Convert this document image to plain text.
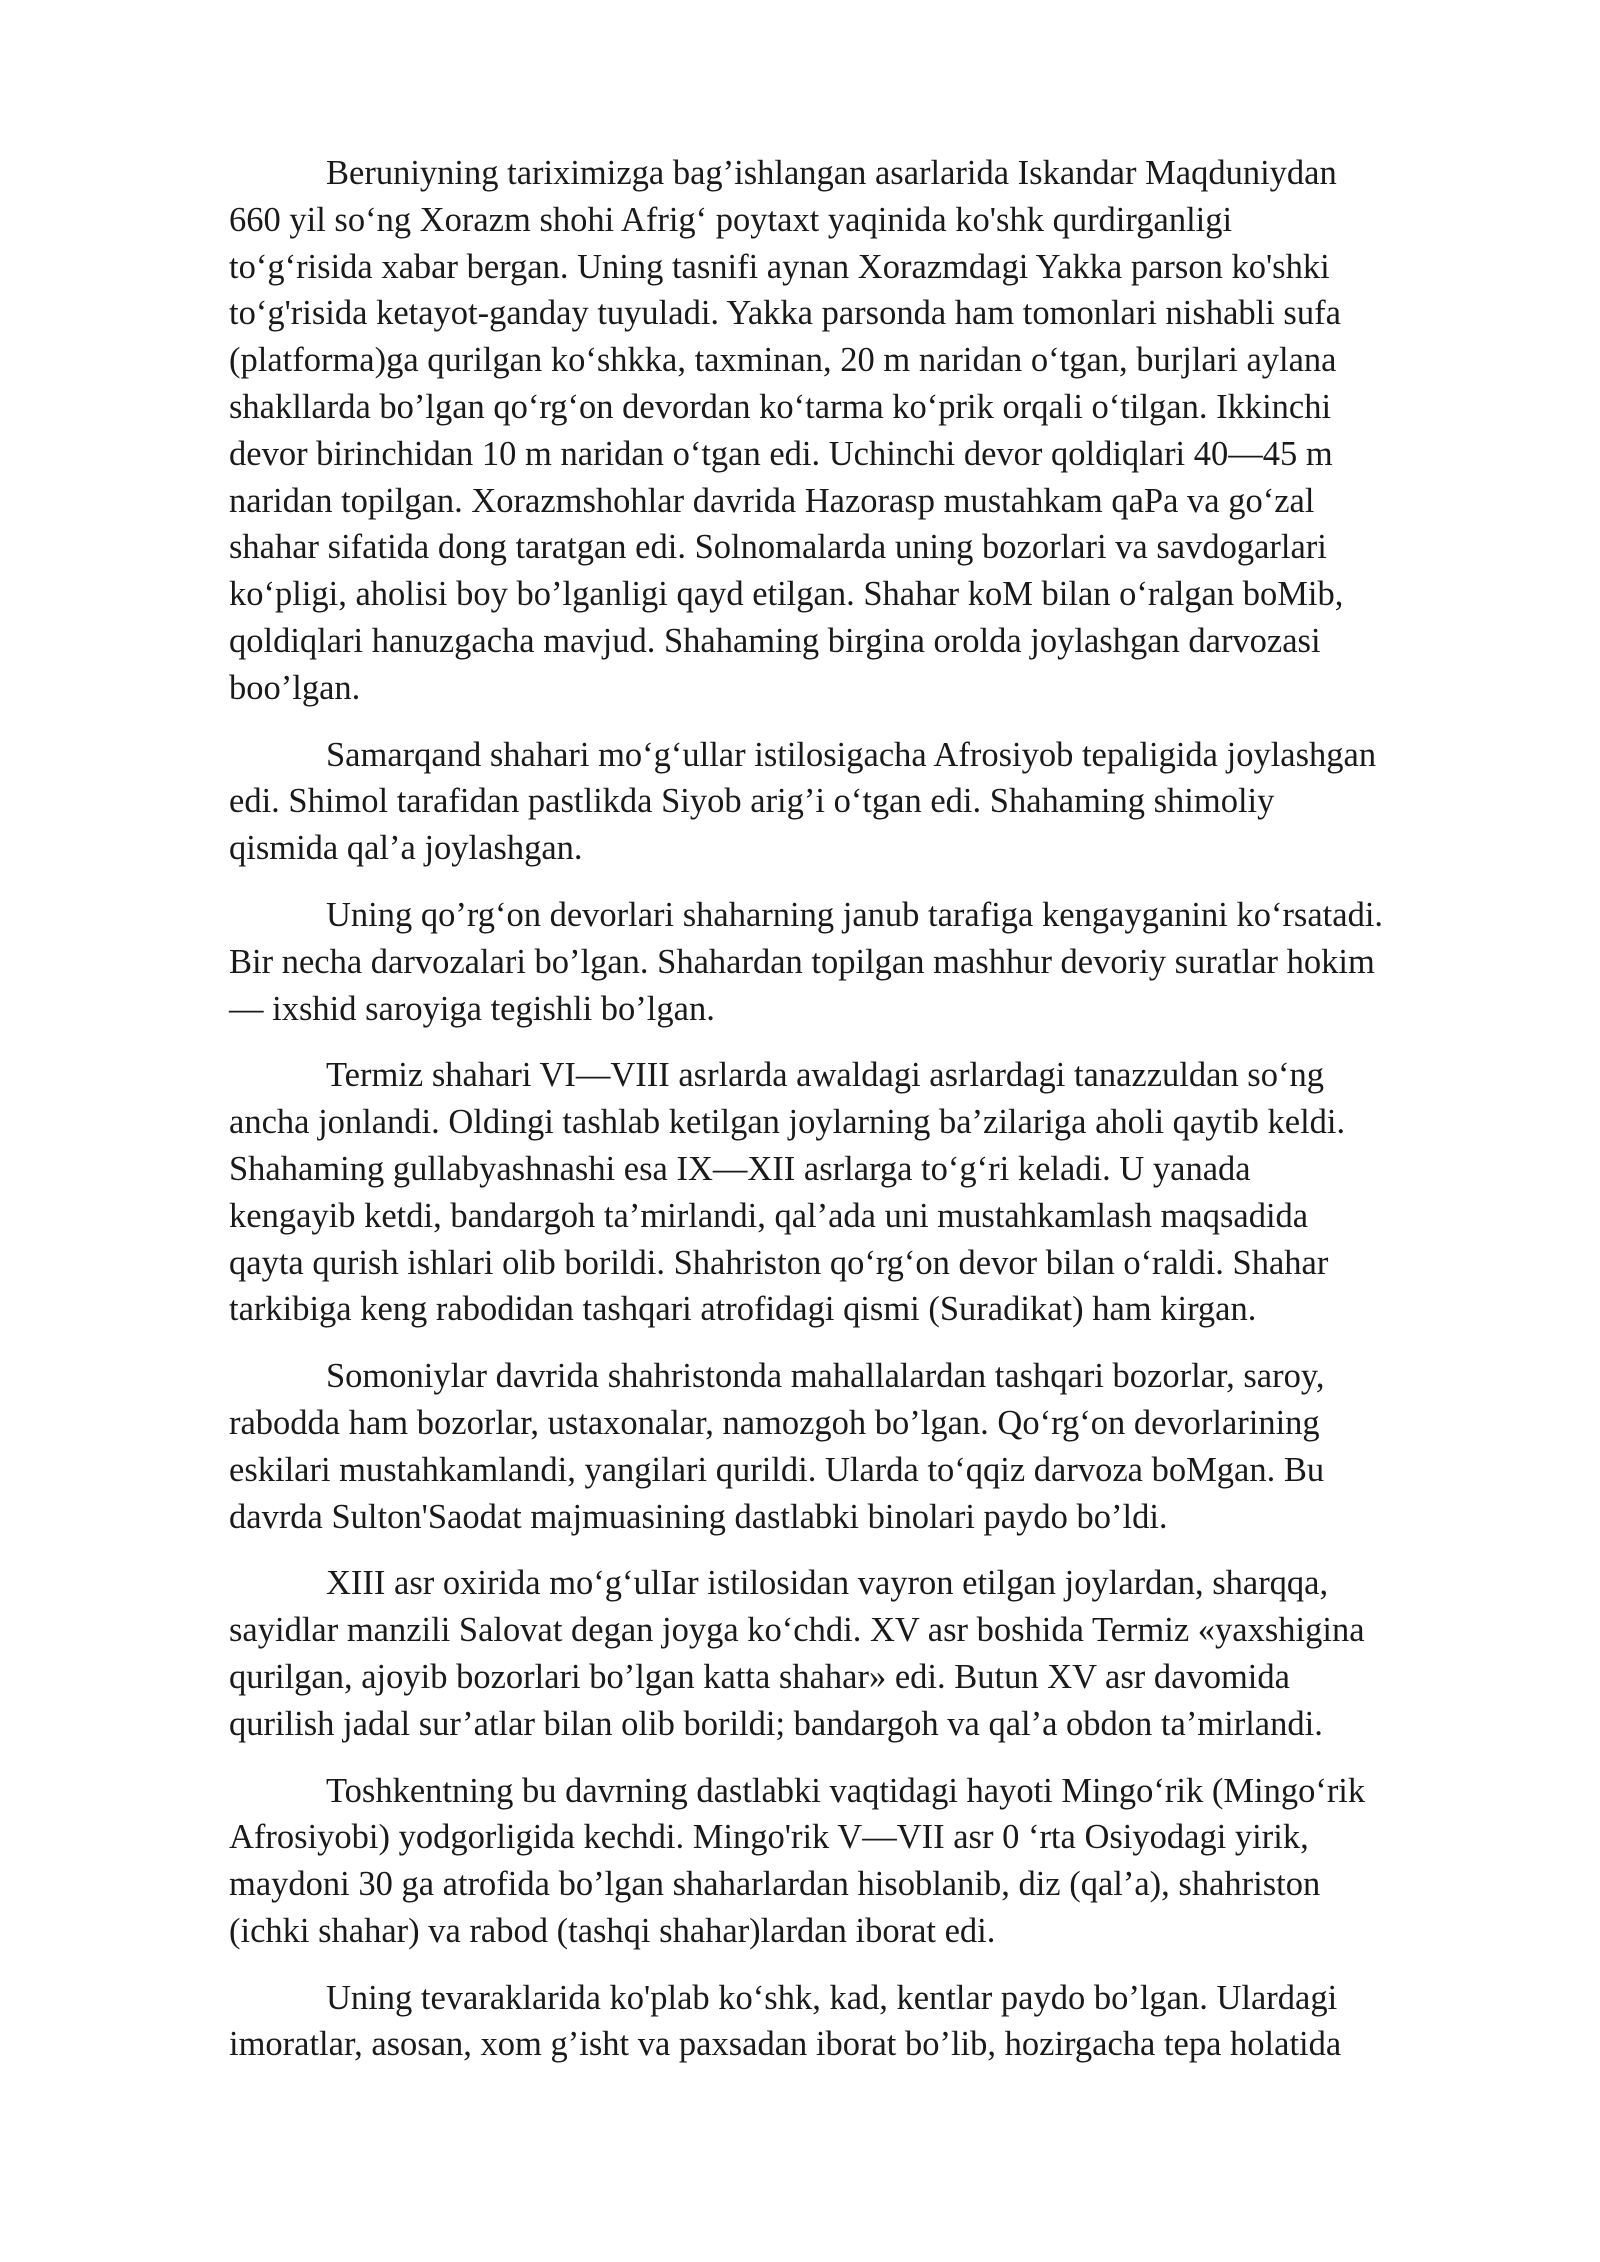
Beruniyning tariximizga bag’ishlangan asarlarida Iskandar Maqduniydan
660 yil so‘ng Xorazm shohi Afrig‘ poytaxt yaqinida ko'shk qurdirganligi
to‘g‘risida xabar bergan. Uning tasnifi aynan Xorazmdagi Yakka parson ko'shki
to‘g'risida ketayot-ganday tuyuladi. Yakka parsonda ham tomonlari nishabli sufa
(platforma)ga qurilgan ko‘shkka, taxminan, 20 m naridan o‘tgan, burjlari aylana
shakllarda bo’lgan qo‘rg‘on devordan ko‘tarma ko‘prik orqali o‘tilgan. Ikkinchi
devor birinchidan 10 m naridan o‘tgan edi. Uchinchi devor qoldiqlari 40—45 m
naridan topilgan. Xorazmshohlar davrida Hazorasp mustahkam qaPa va go‘zal
shahar sifatida dong taratgan edi. Solnomalarda uning bozorlari va savdogarlari
ko‘pligi, aholisi boy bo’lganligi qayd etilgan. Shahar koM bilan o‘ralgan boMib,
qoldiqlari hanuzgacha mavjud. Shahaming birgina orolda joylashgan darvozasi
boo’lgan.
Samarqand shahari mo‘g‘ullar istilosigacha Afrosiyob tepaligida joylashgan
edi. Shimol tarafidan pastlikda Siyob arig’i o‘tgan edi. Shahaming shimoliy
qismida qal’a joylashgan.
Uning qo’rg‘on devorlari shaharning janub tarafiga kengayganini ko‘rsatadi.
Bir necha darvozalari bo’lgan. Shahardan topilgan mashhur devoriy suratlar hokim
— ixshid saroyiga tegishli bo’lgan.
Termiz shahari VI—VIII asrlarda awaldagi asrlardagi tanazzuldan so‘ng
ancha jonlandi. Oldingi tashlab ketilgan joylarning ba’zilariga aholi qaytib keldi.
Shahaming gullabyashnashi esa IX—XII asrlarga to‘g‘ri keladi. U yanada
kengayib ketdi, bandargoh ta’mirlandi, qal’ada uni mustahkamlash maqsadida
qayta qurish ishlari olib borildi. Shahriston qo‘rg‘on devor bilan o‘raldi. Shahar
tarkibiga keng rabodidan tashqari atrofidagi qismi (Suradikat) ham kirgan.
Somoniylar davrida shahristonda mahallalardan tashqari bozorlar, saroy,
rabodda ham bozorlar, ustaxonalar, namozgoh bo’lgan. Qo‘rg‘on devorlarining
eskilari mustahkamlandi, yangilari qurildi. Ularda to‘qqiz darvoza boMgan. Bu
davrda Sulton'Saodat majmuasining dastlabki binolari paydo bo’ldi.
XIII asr oxirida mo‘g‘ulIar istilosidan vayron etilgan joylardan, sharqqa,
sayidlar manzili Salovat degan joyga ko‘chdi. XV asr boshida Termiz «yaxshigina
qurilgan, ajoyib bozorlari bo’lgan katta shahar» edi. Butun XV asr davomida
qurilish jadal sur’atlar bilan olib borildi; bandargoh va qal’a obdon ta’mirlandi.
Toshkentning bu davrning dastlabki vaqtidagi hayoti Mingo‘rik (Mingo‘rik
Afrosiyobi) yodgorligida kechdi. Mingo'rik V—VII asr 0 ‘rta Osiyodagi yirik,
maydoni 30 ga atrofida bo’lgan shaharlardan hisoblanib, diz (qal’a), shahriston
(ichki shahar) va rabod (tashqi shahar)lardan iborat edi.
Uning tevaraklarida ko'plab ko‘shk, kad, kentlar paydo bo’lgan. Ulardagi
imoratlar, asosan, xom g’isht va paxsadan iborat bo’lib, hozirgacha tepa holatida
